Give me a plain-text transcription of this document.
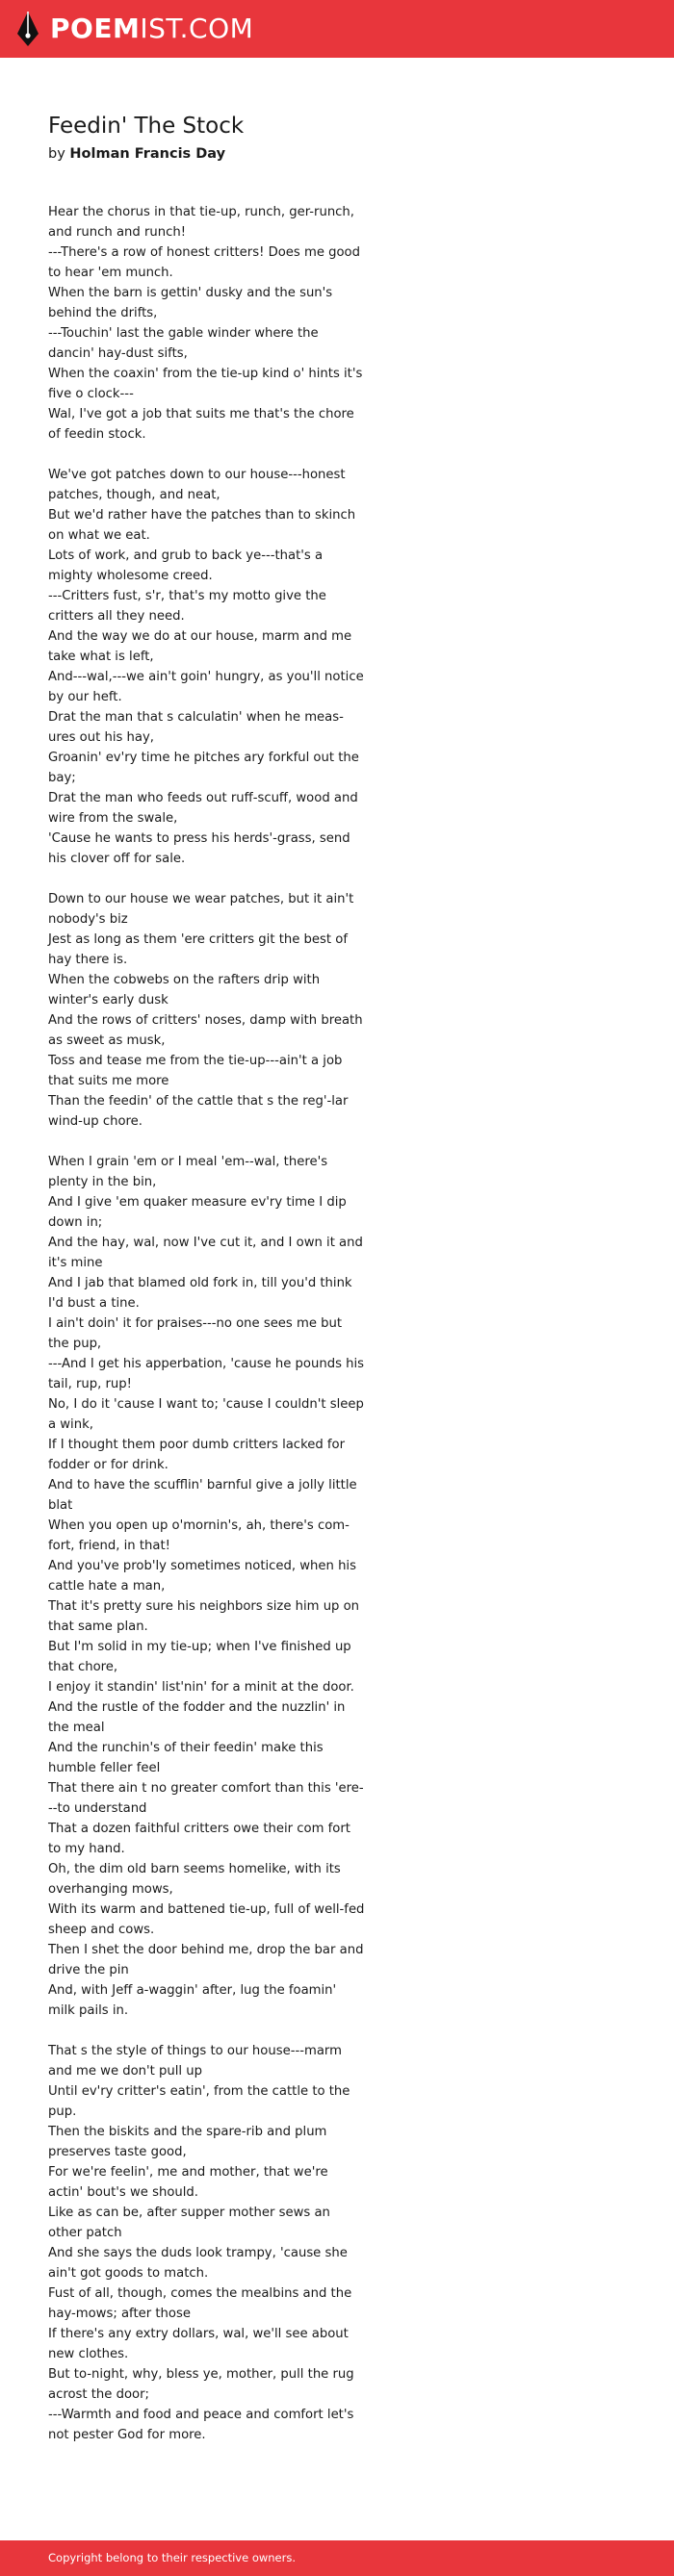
POEMIST.COM
Feedin' The Stock
by Holman Francis Day
Hear the chorus in that tie-up, runch, ger-runch, and runch and runch!
---There's a row of honest critters! Does me good to hear 'em munch.
When the barn is gettin' dusky and the sun's behind the drifts,
---Touchin' last the gable winder where the dancin' hay-dust sifts,
When the coaxin' from the tie-up kind o' hints it's five o clock---
Wal, I've got a job that suits me that's the chore of feedin stock.
We've got patches down to our house---honest patches, though, and neat,
But we'd rather have the patches than to skinch on what we eat.
Lots of work, and grub to back ye---that's a mighty wholesome creed.
---Critters fust, s'r, that's my motto give the critters all they need.
And the way we do at our house, marm and me take what is left,
And---wal,---we ain't goin' hungry, as you'll notice by our heft.
Drat the man that s calculatin' when he meas-ures out his hay,
Groanin' ev'ry time he pitches ary forkful out the bay;
Drat the man who feeds out ruff-scuff, wood and wire from the swale,
'Cause he wants to press his herds'-grass, send his clover off for sale.
Down to our house we wear patches, but it ain't nobody's biz
Jest as long as them 'ere critters git the best of hay there is.
When the cobwebs on the rafters drip with winter's early dusk
And the rows of critters' noses, damp with breath as sweet as musk,
Toss and tease me from the tie-up---ain't a job that suits me more
Than the feedin' of the cattle that s the reg'-lar wind-up chore.
When I grain 'em or I meal 'em--wal, there's plenty in the bin,
And I give 'em quaker measure ev'ry time I dip down in;
And the hay, wal, now I've cut it, and I own it and it's mine
And I jab that blamed old fork in, till you'd think I'd bust a tine.
I ain't doin' it for praises---no one sees me but the pup,
---And I get his apperbation, 'cause he pounds his tail, rup, rup!
No, I do it 'cause I want to; 'cause I couldn't sleep a wink,
If I thought them poor dumb critters lacked for fodder or for drink.
And to have the scufflin' barnful give a jolly little blat
When you open up o'mornin's, ah, there's com-fort, friend, in that!
And you've prob'ly sometimes noticed, when his cattle hate a man,
That it's pretty sure his neighbors size him up on that same plan.
But I'm solid in my tie-up; when I've finished up that chore,
I enjoy it standin' list'nin' for a minit at the door.
And the rustle of the fodder and the nuzzlin' in the meal
And the runchin's of their feedin' make this humble feller feel
That there ain t no greater comfort than this 'ere---to understand
That a dozen faithful critters owe their com fort to my hand.
Oh, the dim old barn seems homelike, with its overhanging mows,
With its warm and battened tie-up, full of well-fed sheep and cows.
Then I shet the door behind me, drop the bar and drive the pin
And, with Jeff a-waggin' after, lug the foamin' milk pails in.
That s the style of things to our house---marm and me we don't pull up
Until ev'ry critter's eatin', from the cattle to the pup.
Then the biskits and the spare-rib and plum preserves taste good,
For we're feelin', me and mother, that we're actin' bout's we should.
Like as can be, after supper mother sews an other patch
And she says the duds look trampy, 'cause she ain't got goods to match.
Fust of all, though, comes the mealbins and the hay-mows; after those
If there's any extry dollars, wal, we'll see about new clothes.
But to-night, why, bless ye, mother, pull the rug acrost the door;
---Warmth and food and peace and comfort let's not pester God for more.
Copyright belong to their respective owners.
